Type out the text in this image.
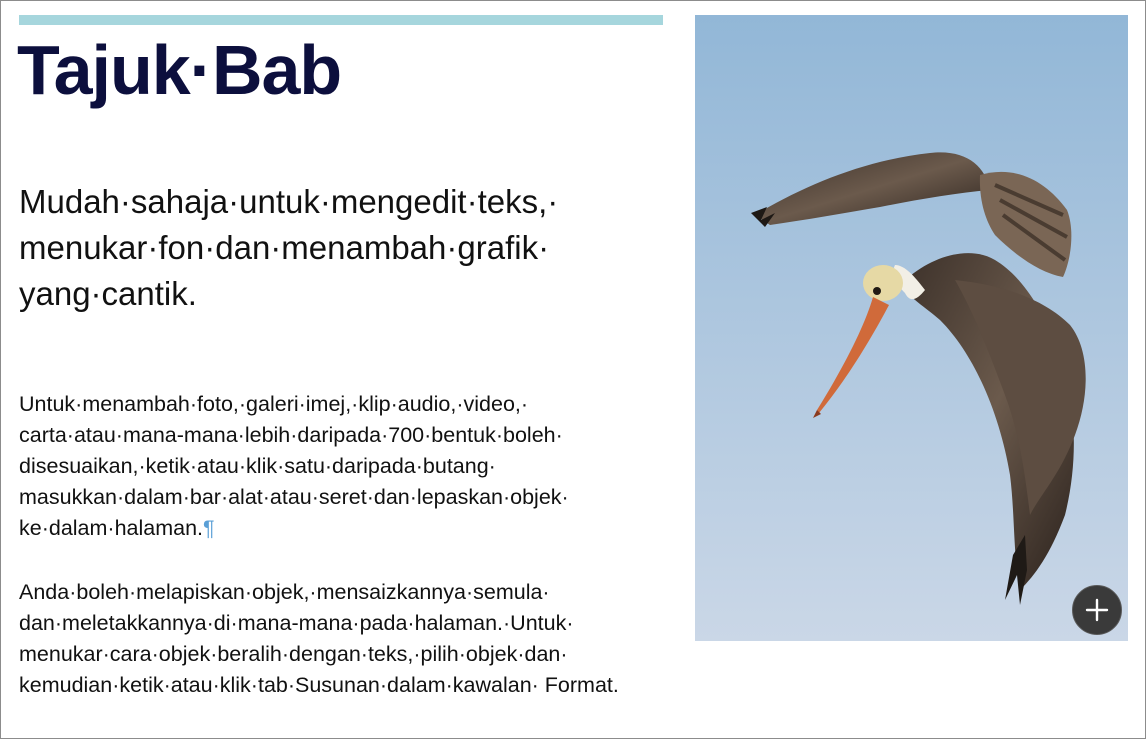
Tajuk·Bab

Mudah·sahaja·untuk·mengedit·teks,· menukar·fon·dan·menambah·grafik· yang·cantik.

Untuk·menambah·foto,·galeri·imej,·klip·audio,·video,· carta·atau·mana-mana·lebih·daripada·700·bentuk·boleh· disesuaikan,·ketik·atau·klik·satu·daripada·butang· masukkan·dalam·bar·alat·atau·seret·dan·lepaskan·objek· ke·dalam·halaman.¶

Anda·boleh·melapiskan·objek,·mensaizkannya·semula· dan·meletakkannya·di·mana-mana·pada·halaman.·Untuk· menukar·cara·objek·beralih·dengan·teks,·pilih·objek·dan· kemudian·ketik·atau·klik·tab·Susunan·dalam·kawalan· Format.
